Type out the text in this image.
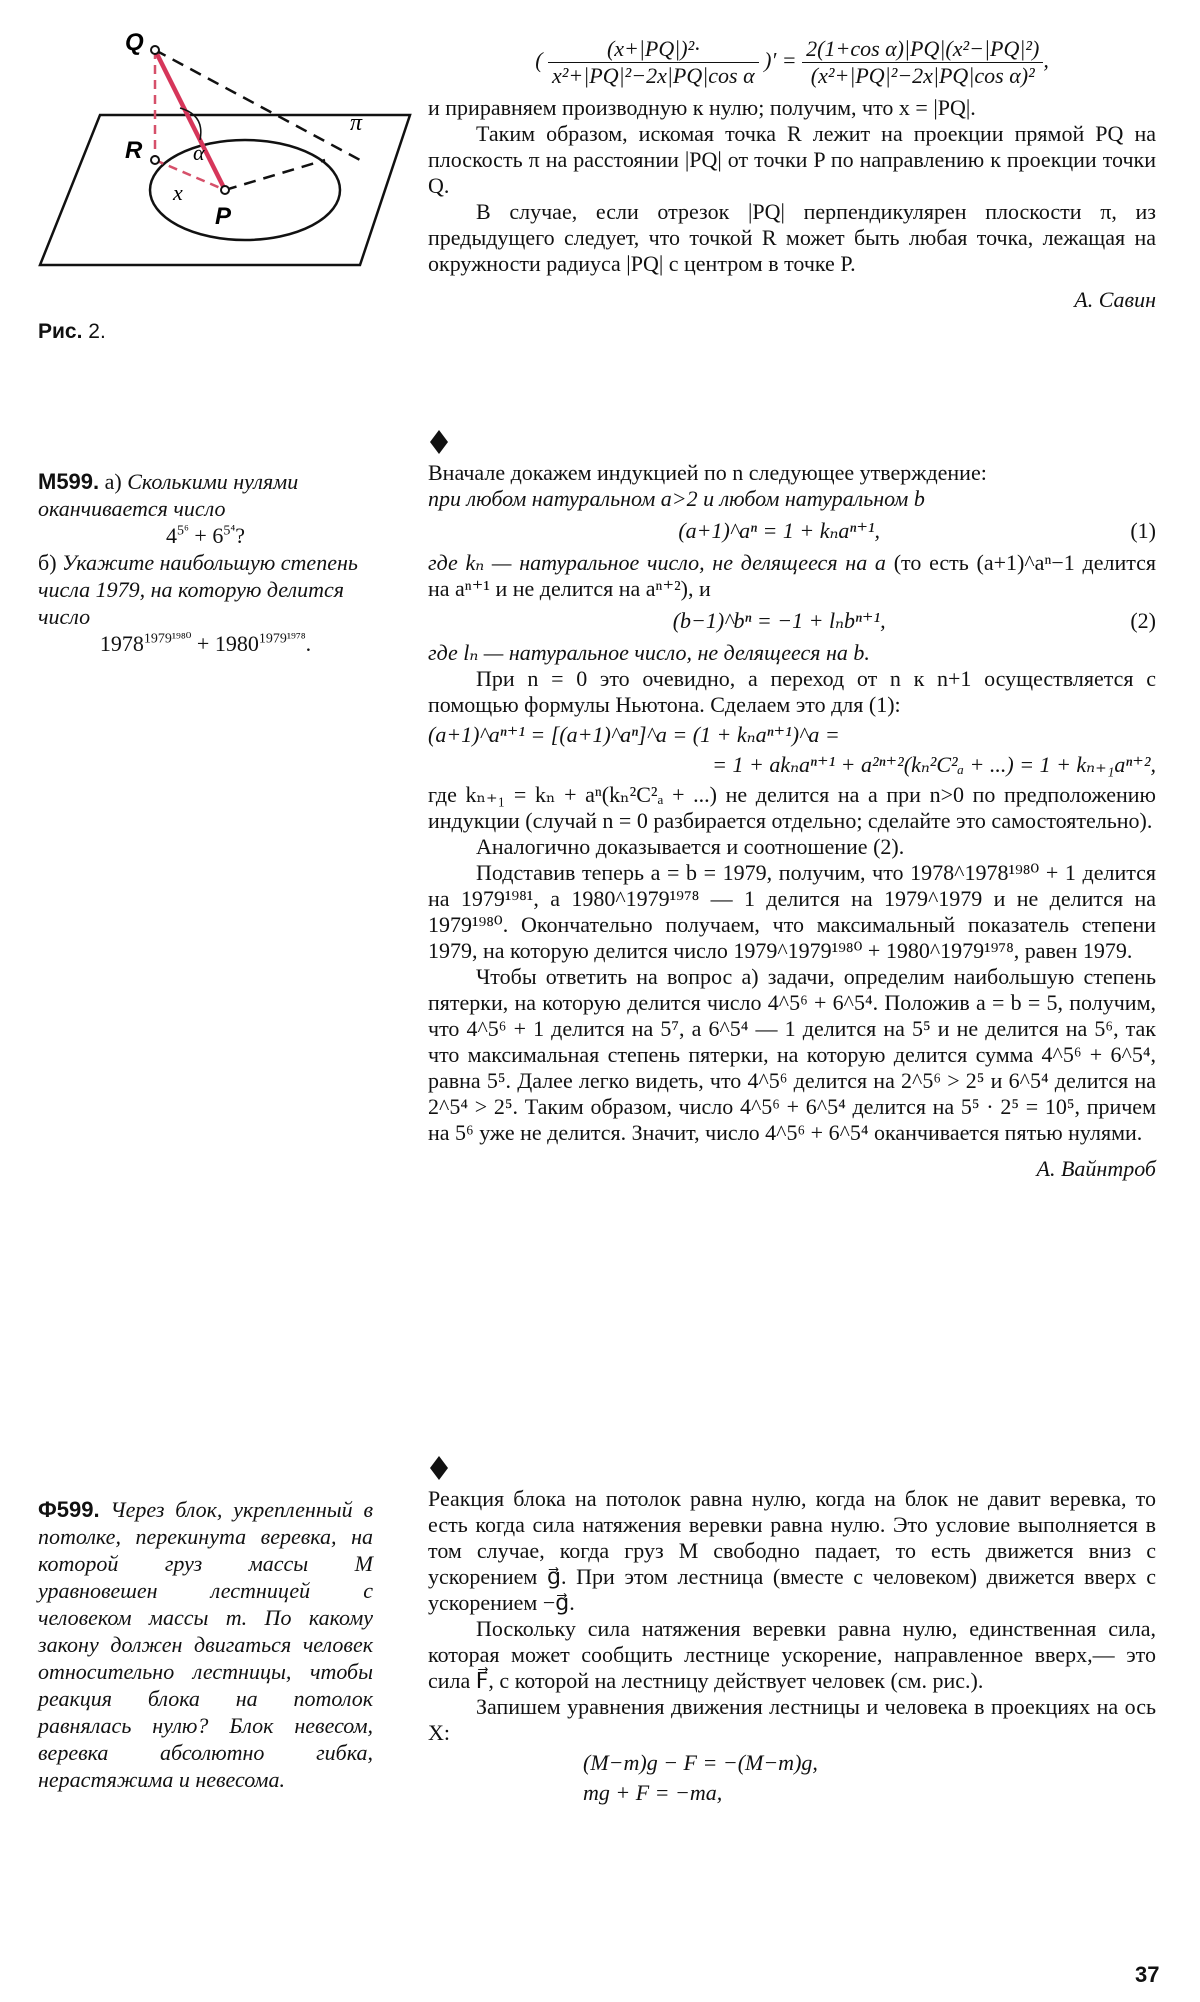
Q
R
P
x
α
π
Рис. 2.
( $\frac{\text{(x+|PQ|)²·}}{\text{x²+|PQ|²−2x|PQ|cos α}}$ )′ = $\frac{\text{2(1+cos α)|PQ|(x²−|PQ|²)}}{\text{(x²+|PQ|²−2x|PQ|cos α)²}}$ ,

и приравняем производную к нулю; получим, что x = |PQ|.

Таким образом, искомая точка R лежит на проекции прямой PQ на плоскость π на расстоянии |PQ| от точки P по направлению к проекции точки Q.

В случае, если отрезок |PQ| перпендикулярен плоскости π, из предыдущего следует, что точкой R может быть любая точка, лежащая на окружности радиуса |PQ| с центром в точке P.

А. Савин
М599. а) Сколькими нулями оканчивается число
$4^{5^6} + 6^{5^4}$?
б) Укажите наибольшую степень числа 1979, на которую делится число
$1978^{1979^{1980}} + 1980^{1979^{1978}}$.

Вначале докажем индукцией по n следующее утверждение:

при любом натуральном a>2 и любом натуральном b

(a+1)^aⁿ = 1 + kₙaⁿ⁺¹,	(1)

где kₙ — натуральное число, не делящееся на a (то есть (a+1)^aⁿ−1 делится на aⁿ⁺¹ и не делится на aⁿ⁺²), и

(b−1)^bⁿ = −1 + lₙbⁿ⁺¹,	(2)

где lₙ — натуральное число, не делящееся на b.

При n = 0 это очевидно, а переход от n к n+1 осуществляется с помощью формулы Ньютона. Сделаем это для (1):

(a+1)^aⁿ⁺¹ = [(a+1)^aⁿ]^a = (1 + kₙaⁿ⁺¹)^a =
= 1 + akₙaⁿ⁺¹ + a²ⁿ⁺²(kₙ²C²ₐ + ...) = 1 + kₙ₊₁aⁿ⁺²,

где kₙ₊₁ = kₙ + aⁿ(kₙ²C²ₐ + ...) не делится на a при n>0 по предположению индукции (случай n = 0 разбирается отдельно; сделайте это самостоятельно).

Аналогично доказывается и соотношение (2).

Подставив теперь a = b = 1979, получим, что 1978^1978¹⁹⁸⁰ + 1 делится на 1979¹⁹⁸¹, а 1980^1979¹⁹⁷⁸ — 1 делится на 1979^1979 и не делится на 1979¹⁹⁸⁰. Окончательно получаем, что максимальный показатель степени 1979, на которую делится число 1979^1979¹⁹⁸⁰ + 1980^1979¹⁹⁷⁸, равен 1979.

Чтобы ответить на вопрос а) задачи, определим наибольшую степень пятерки, на которую делится число 4^5⁶ + 6^5⁴. Положив a = b = 5, получим, что 4^5⁶ + 1 делится на 5⁷, а 6^5⁴ — 1 делится на 5⁵ и не делится на 5⁶, так что максимальная степень пятерки, на которую делится сумма 4^5⁶ + 6^5⁴, равна 5⁵. Далее легко видеть, что 4^5⁶ делится на 2^5⁶ > 2⁵ и 6^5⁴ делится на 2^5⁴ > 2⁵. Таким образом, число 4^5⁶ + 6^5⁴ делится на 5⁵ · 2⁵ = 10⁵, причем на 5⁶ уже не делится. Значит, число 4^5⁶ + 6^5⁴ оканчивается пятью нулями.

А. Вайнтроб
Ф599. Через блок, укрепленный в потолке, перекинута веревка, на которой груз массы M уравновешен лестницей с человеком массы m. По какому закону должен двигаться человек относительно лестницы, чтобы реакция блока на потолок равнялась нулю? Блок невесом, веревка абсолютно гибка, нерастяжима и невесома.

Реакция блока на потолок равна нулю, когда на блок не давит веревка, то есть когда сила натяжения веревки равна нулю. Это условие выполняется в том случае, когда груз M свободно падает, то есть движется вниз с ускорением g⃗. При этом лестница (вместе с человеком) движется вверх с ускорением −g⃗.

Поскольку сила натяжения веревки равна нулю, единственная сила, которая может сообщить лестнице ускорение, направленное вверх,— это сила F⃗, с которой на лестницу действует человек (см. рис.).

Запишем уравнения движения лестницы и человека в проекциях на ось X:

(M−m)g − F = −(M−m)g,
mg + F = −ma,
37
